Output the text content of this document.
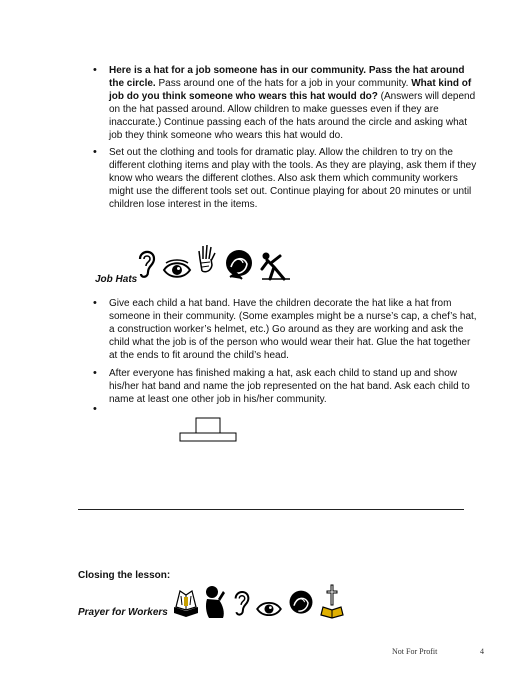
• Here is a hat for a job someone has in our community. Pass the hat around the circle. Pass around one of the hats for a job in your community. What kind of job do you think someone who wears this hat would do? (Answers will depend on the hat passed around. Allow children to make guesses even if they are inaccurate.) Continue passing each of the hats around the circle and asking what job they think someone who wears this hat would do.
• Set out the clothing and tools for dramatic play. Allow the children to try on the different clothing items and play with the tools. As they are playing, ask them if they know who wears the different clothes. Also ask them which community workers might use the different tools set out. Continue playing for about 20 minutes or until children lose interest in the items.
Job Hats
• Give each child a hat band. Have the children decorate the hat like a hat from someone in their community. (Some examples might be a nurse’s cap, a chef’s hat, a construction worker’s helmet, etc.) Go around as they are working and ask the child what the job is of the person who would wear their hat. Glue the hat together at the ends to fit around the child’s head.
• After everyone has finished making a hat, ask each child to stand up and show his/her hat band and name the job represented on the hat band. Ask each child to name at least one other job in his/her community.
•
Closing the lesson:
Prayer for Workers
Not For Profit	4
